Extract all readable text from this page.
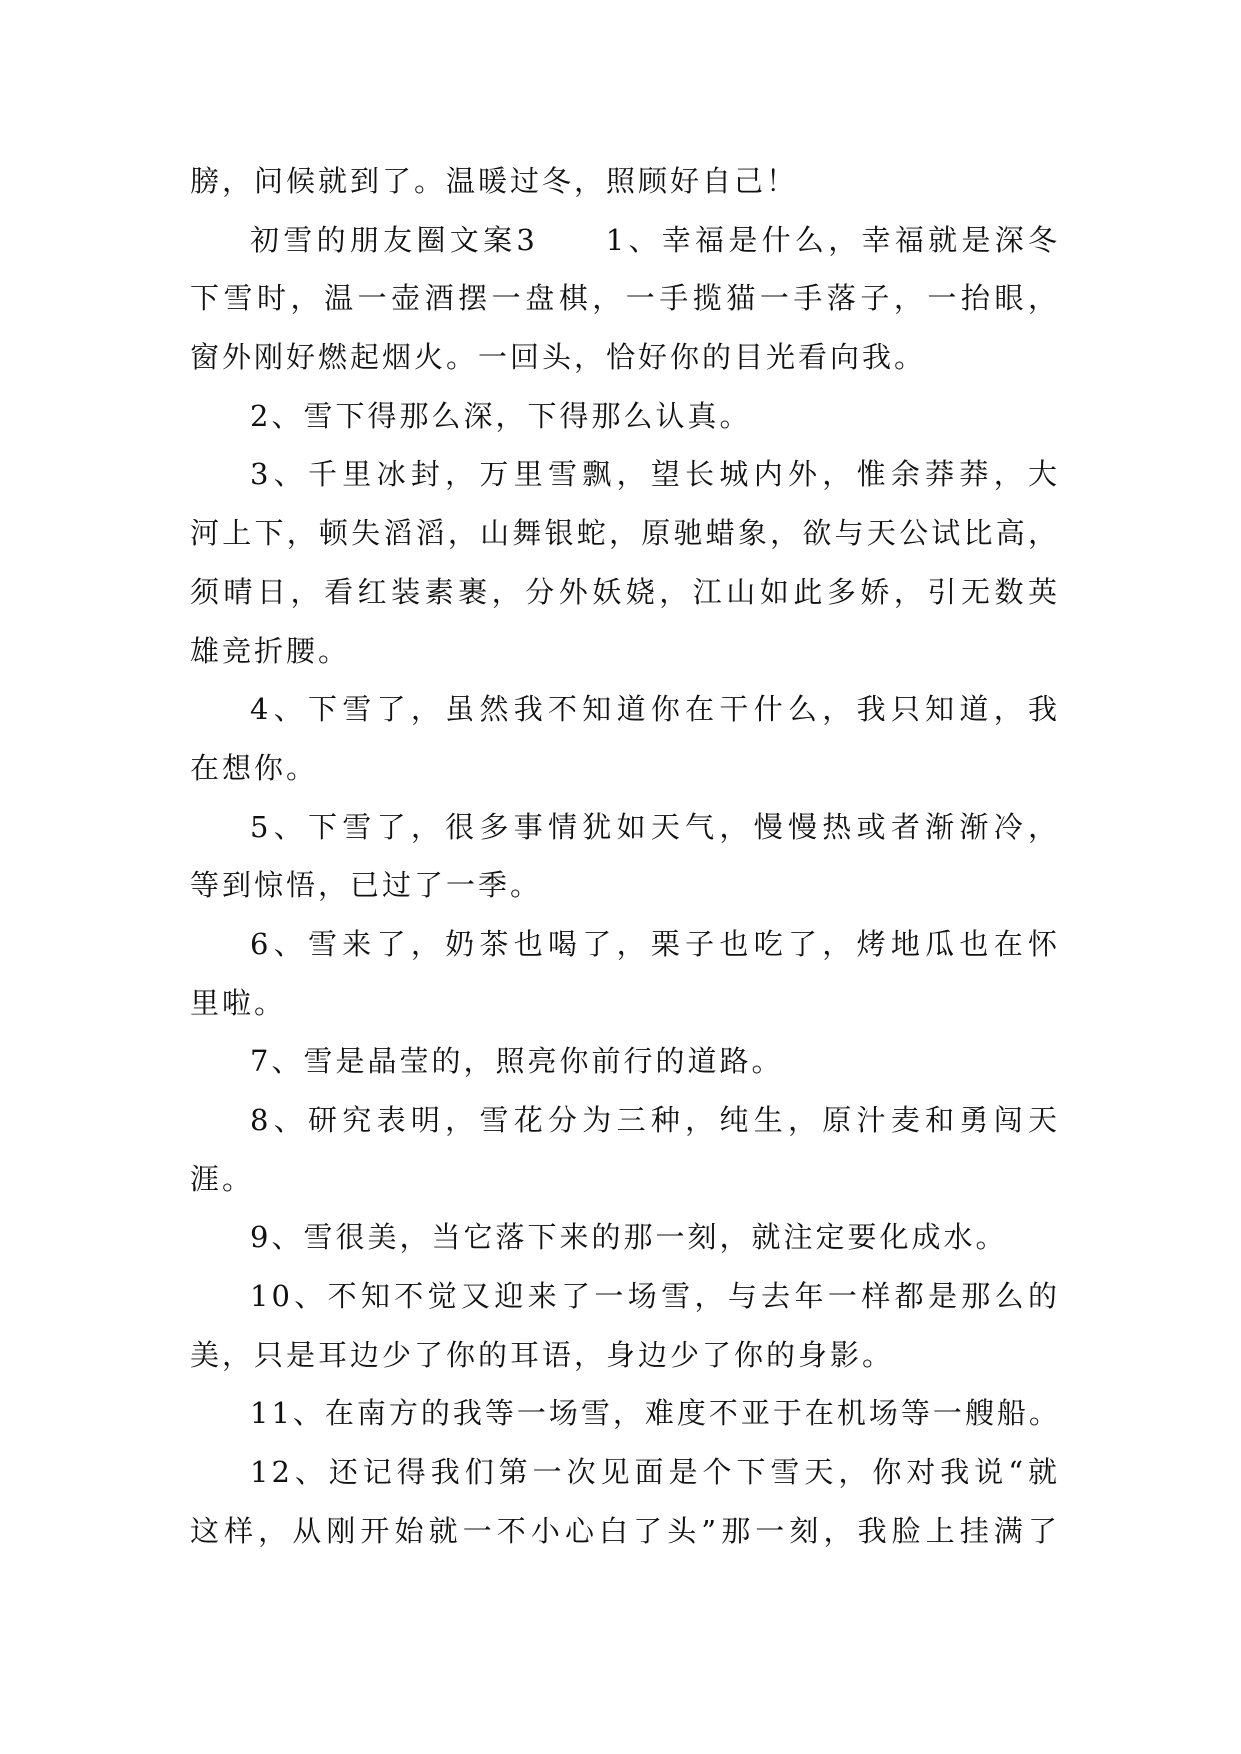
膀，问候就到了。温暖过冬，照顾好自己！
初雪的朋友圈文案3　　1、幸福是什么，幸福就是深冬
下雪时，温一壶酒摆一盘棋，一手揽猫一手落子，一抬眼，
窗外刚好燃起烟火。一回头，恰好你的目光看向我。
2、雪下得那么深，下得那么认真。
3、千里冰封，万里雪飘，望长城内外，惟余莽莽，大
河上下，顿失滔滔，山舞银蛇，原驰蜡象，欲与天公试比高，
须晴日，看红装素裹，分外妖娆，江山如此多娇，引无数英
雄竞折腰。
4、下雪了，虽然我不知道你在干什么，我只知道，我
在想你。
5、下雪了，很多事情犹如天气，慢慢热或者渐渐冷，
等到惊悟，已过了一季。
6、雪来了，奶茶也喝了，栗子也吃了，烤地瓜也在怀
里啦。
7、雪是晶莹的，照亮你前行的道路。
8、研究表明，雪花分为三种，纯生，原汁麦和勇闯天
涯。
9、雪很美，当它落下来的那一刻，就注定要化成水。
10、不知不觉又迎来了一场雪，与去年一样都是那么的
美，只是耳边少了你的耳语，身边少了你的身影。
11、在南方的我等一场雪，难度不亚于在机场等一艘船。
12、还记得我们第一次见面是个下雪天，你对我说“就
这样，从刚开始就一不小心白了头”那一刻，我脸上挂满了
